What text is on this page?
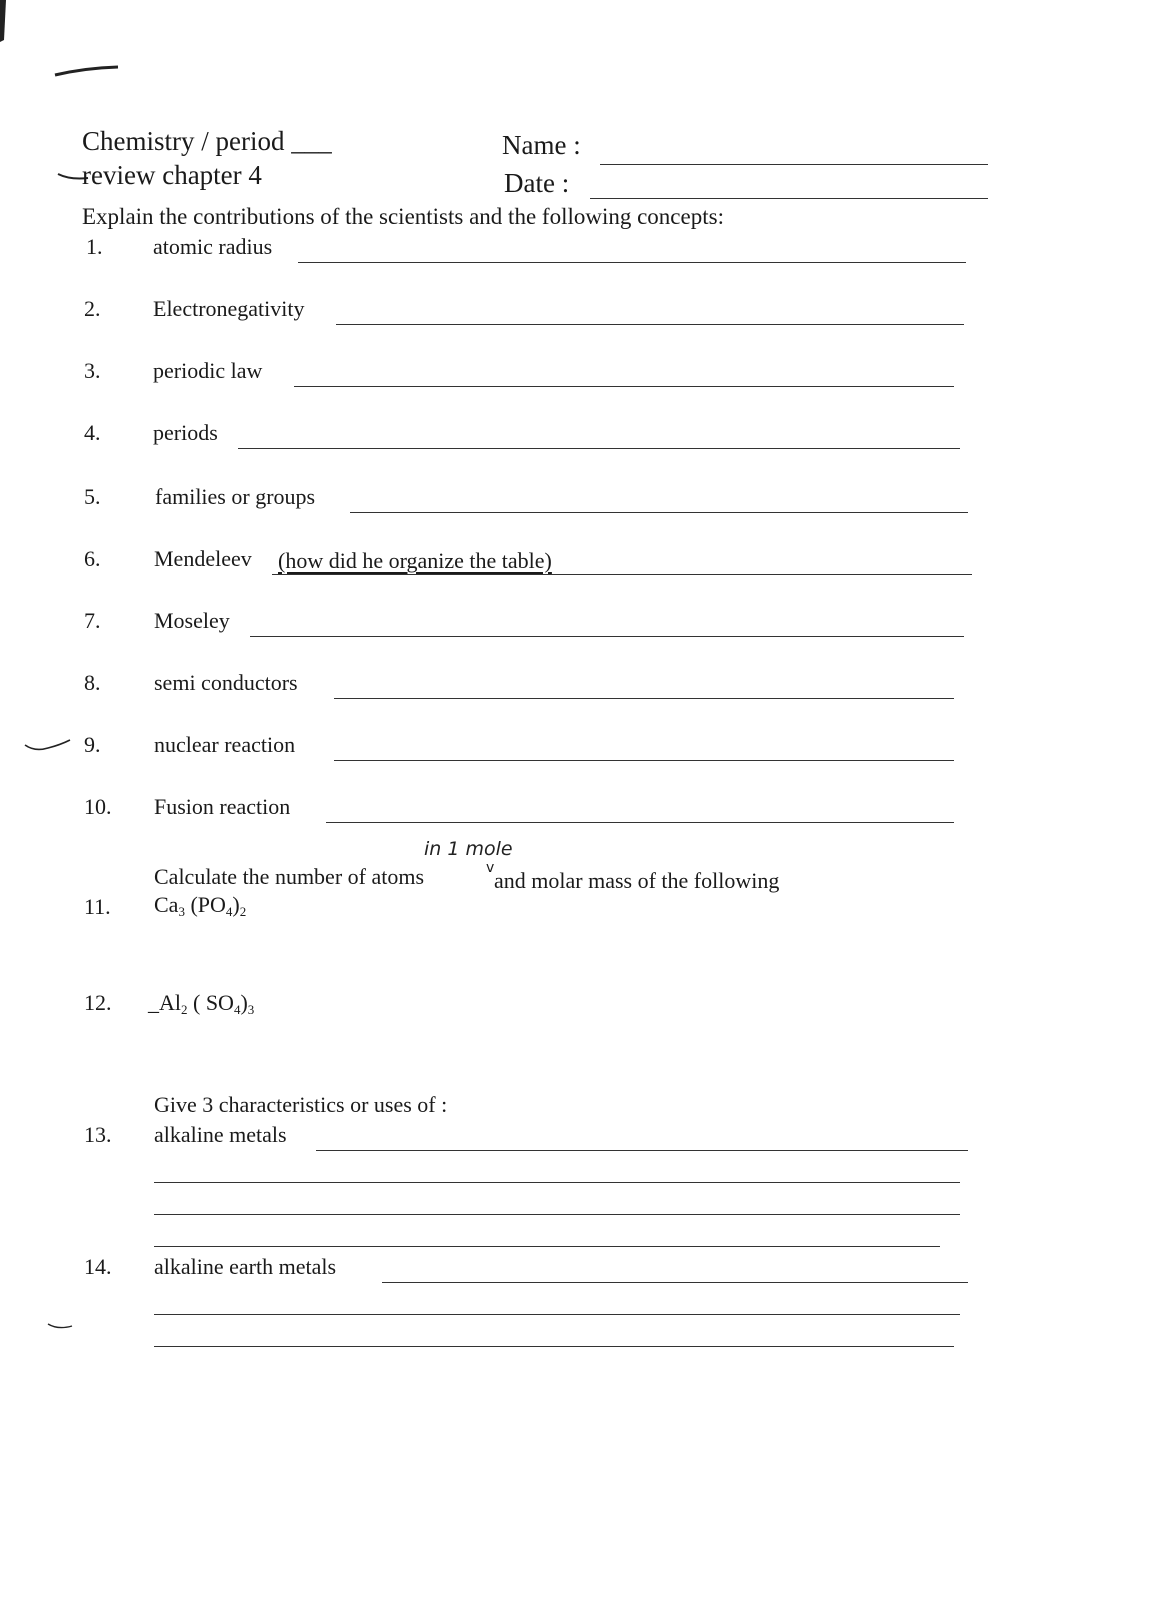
Chemistry / period ___
review chapter 4
Name :
Date :
Explain the contributions of the scientists and the following concepts:
1. atomic radius
2. Electronegativity
3. periodic law
4. periods
5. families or groups
6. Mendeleev (how did he organize the table)
7. Moseley
8. semi conductors
9. nuclear reaction
10. Fusion reaction
in 1 mole
v
Calculate the number of atoms	and molar mass of the following
11. $Ca_3$ $(PO_4)_2$
12. $\_Al_2$ ( $SO_4)_3$
Give 3 characteristics or uses of :
13. alkaline metals
14. alkaline earth metals
